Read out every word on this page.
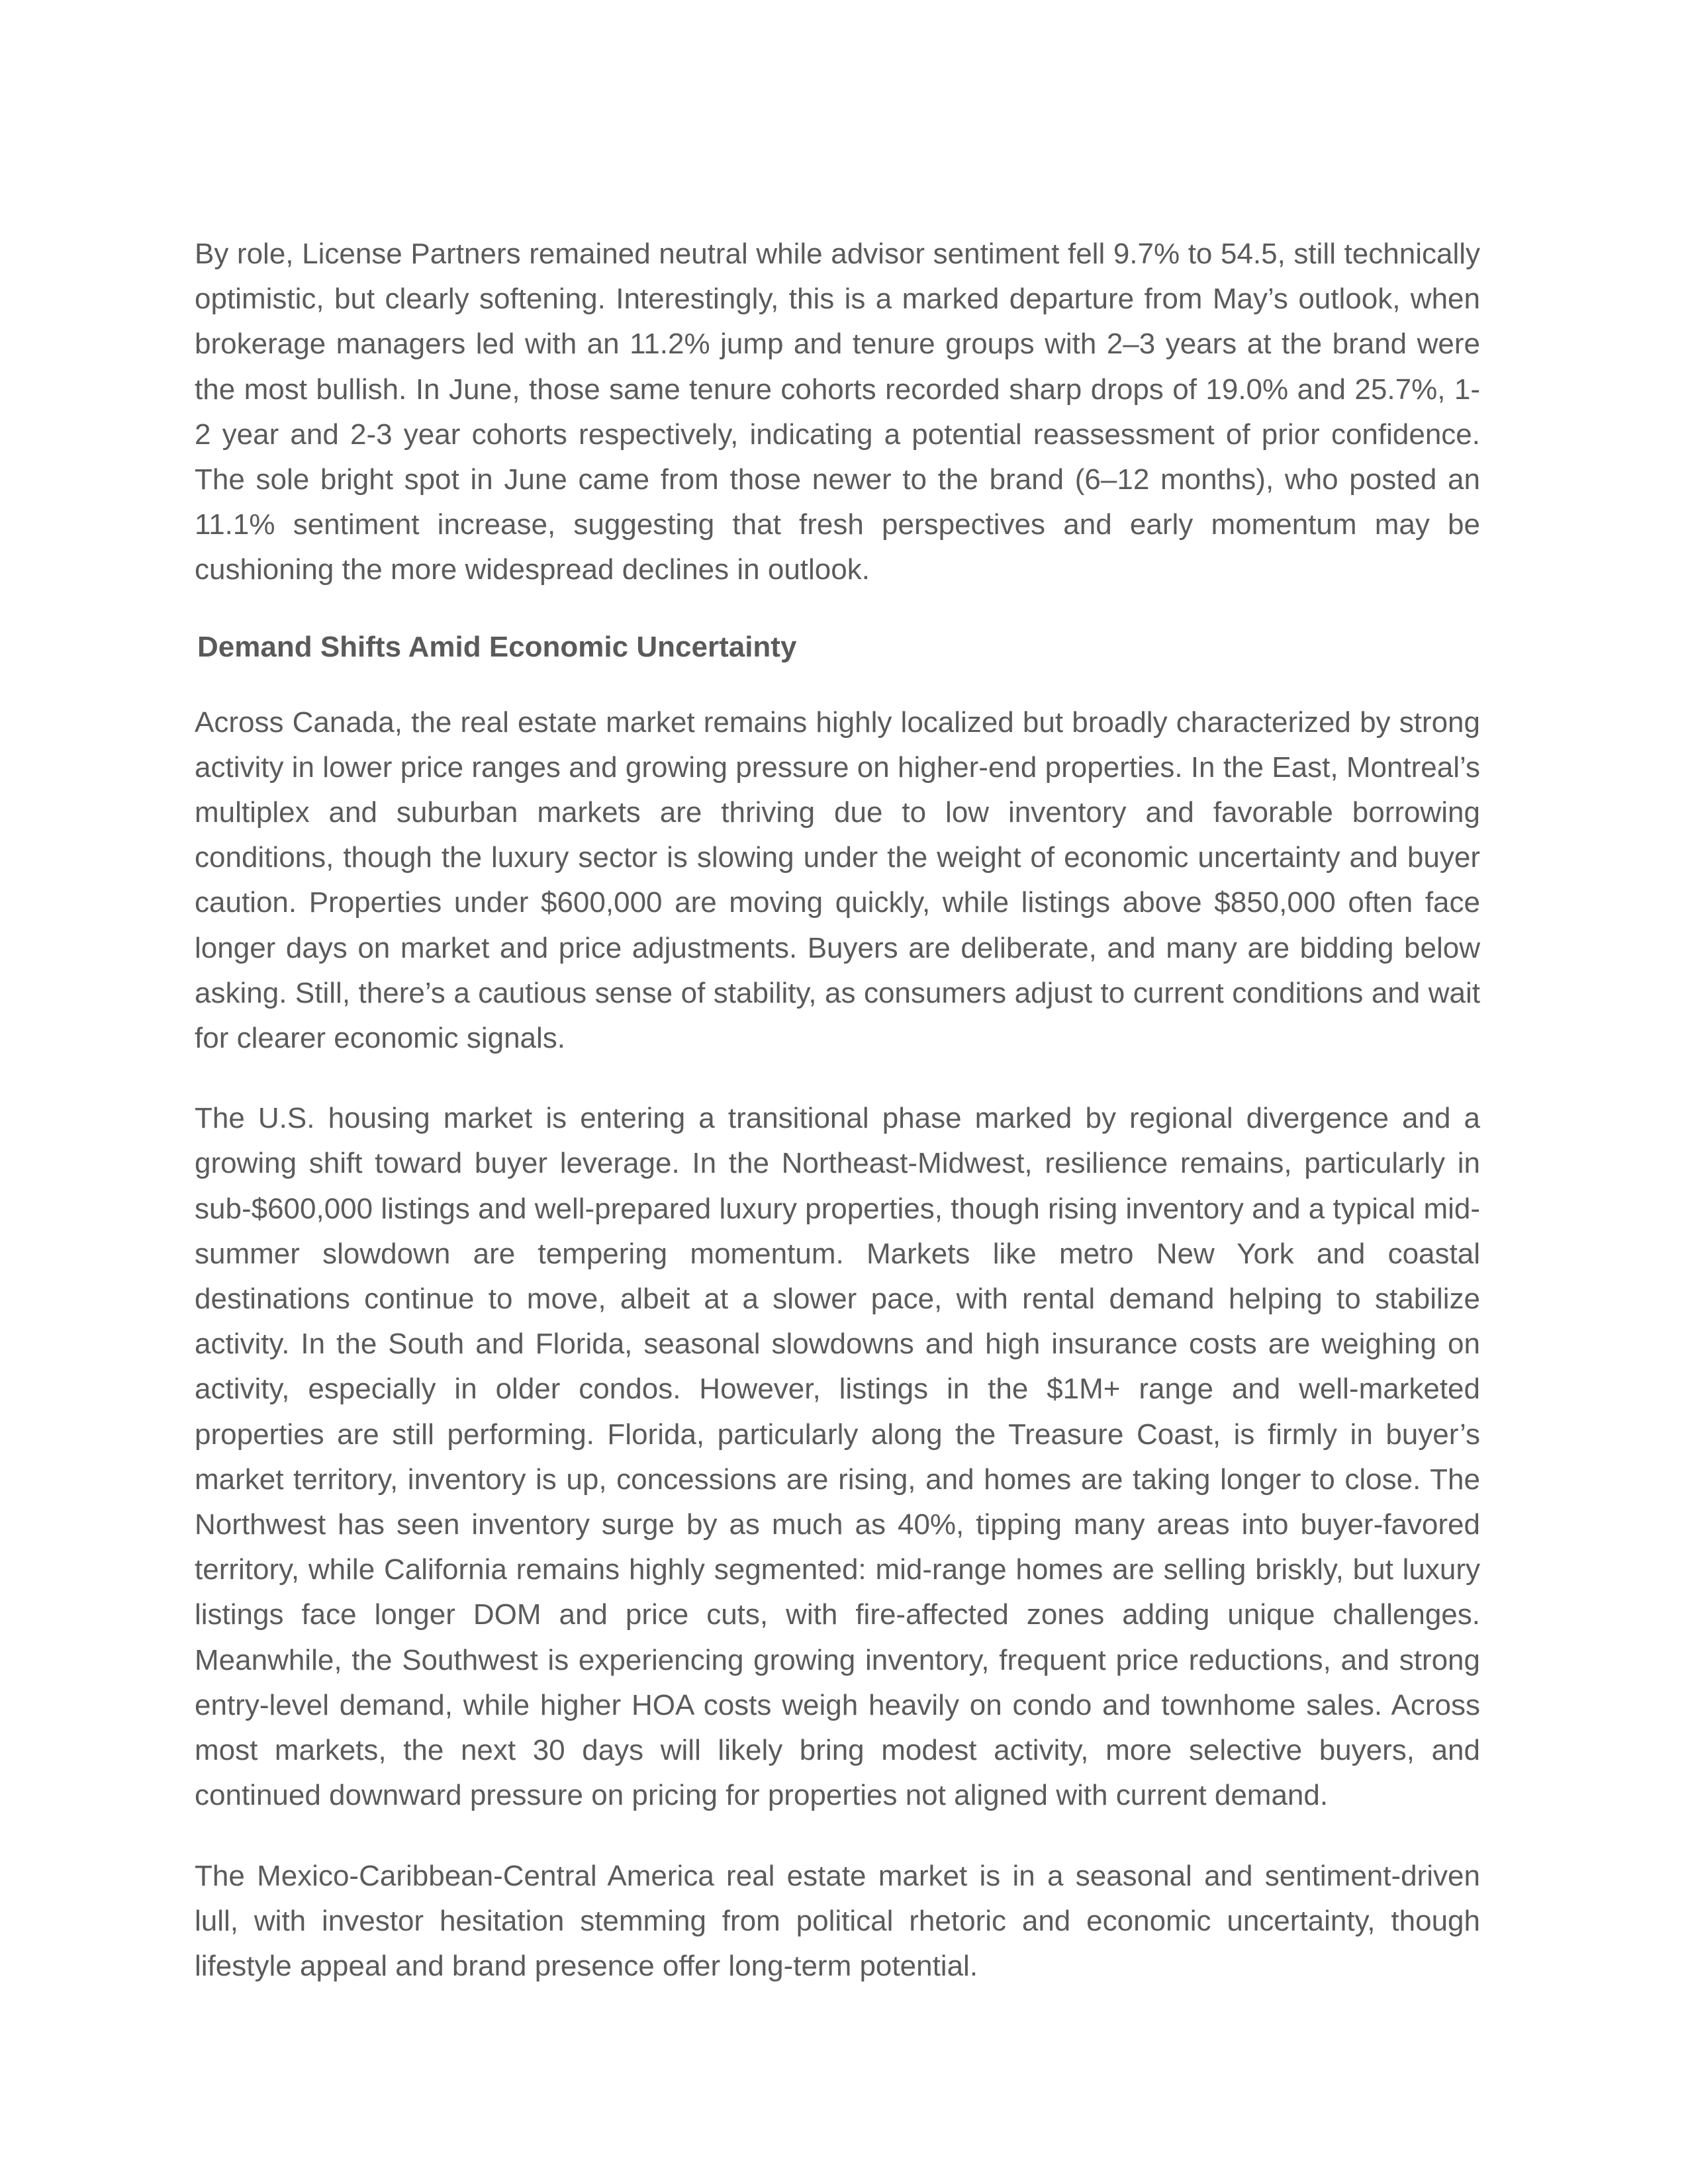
By role, License Partners remained neutral while advisor sentiment fell 9.7% to 54.5, still technically optimistic, but clearly softening. Interestingly, this is a marked departure from May’s outlook, when brokerage managers led with an 11.2% jump and tenure groups with 2–3 years at the brand were the most bullish. In June, those same tenure cohorts recorded sharp drops of 19.0% and 25.7%, 1-2 year and 2-3 year cohorts respectively, indicating a potential reassessment of prior confidence. The sole bright spot in June came from those newer to the brand (6–12 months), who posted an 11.1% sentiment increase, suggesting that fresh perspectives and early momentum may be cushioning the more widespread declines in outlook.

Demand Shifts Amid Economic Uncertainty

Across Canada, the real estate market remains highly localized but broadly characterized by strong activity in lower price ranges and growing pressure on higher-end properties. In the East, Montreal’s multiplex and suburban markets are thriving due to low inventory and favorable borrowing conditions, though the luxury sector is slowing under the weight of economic uncertainty and buyer caution. Properties under $600,000 are moving quickly, while listings above $850,000 often face longer days on market and price adjustments. Buyers are deliberate, and many are bidding below asking. Still, there’s a cautious sense of stability, as consumers adjust to current conditions and wait for clearer economic signals.

The U.S. housing market is entering a transitional phase marked by regional divergence and a growing shift toward buyer leverage. In the Northeast-Midwest, resilience remains, particularly in sub-$600,000 listings and well-prepared luxury properties, though rising inventory and a typical mid-summer slowdown are tempering momentum. Markets like metro New York and coastal destinations continue to move, albeit at a slower pace, with rental demand helping to stabilize activity. In the South and Florida, seasonal slowdowns and high insurance costs are weighing on activity, especially in older condos. However, listings in the $1M+ range and well-marketed properties are still performing. Florida, particularly along the Treasure Coast, is firmly in buyer’s market territory, inventory is up, concessions are rising, and homes are taking longer to close. The Northwest has seen inventory surge by as much as 40%, tipping many areas into buyer-favored territory, while California remains highly segmented: mid-range homes are selling briskly, but luxury listings face longer DOM and price cuts, with fire-affected zones adding unique challenges. Meanwhile, the Southwest is experiencing growing inventory, frequent price reductions, and strong entry-level demand, while higher HOA costs weigh heavily on condo and townhome sales. Across most markets, the next 30 days will likely bring modest activity, more selective buyers, and continued downward pressure on pricing for properties not aligned with current demand.

The Mexico-Caribbean-Central America real estate market is in a seasonal and sentiment-driven lull, with investor hesitation stemming from political rhetoric and economic uncertainty, though lifestyle appeal and brand presence offer long-term potential.
